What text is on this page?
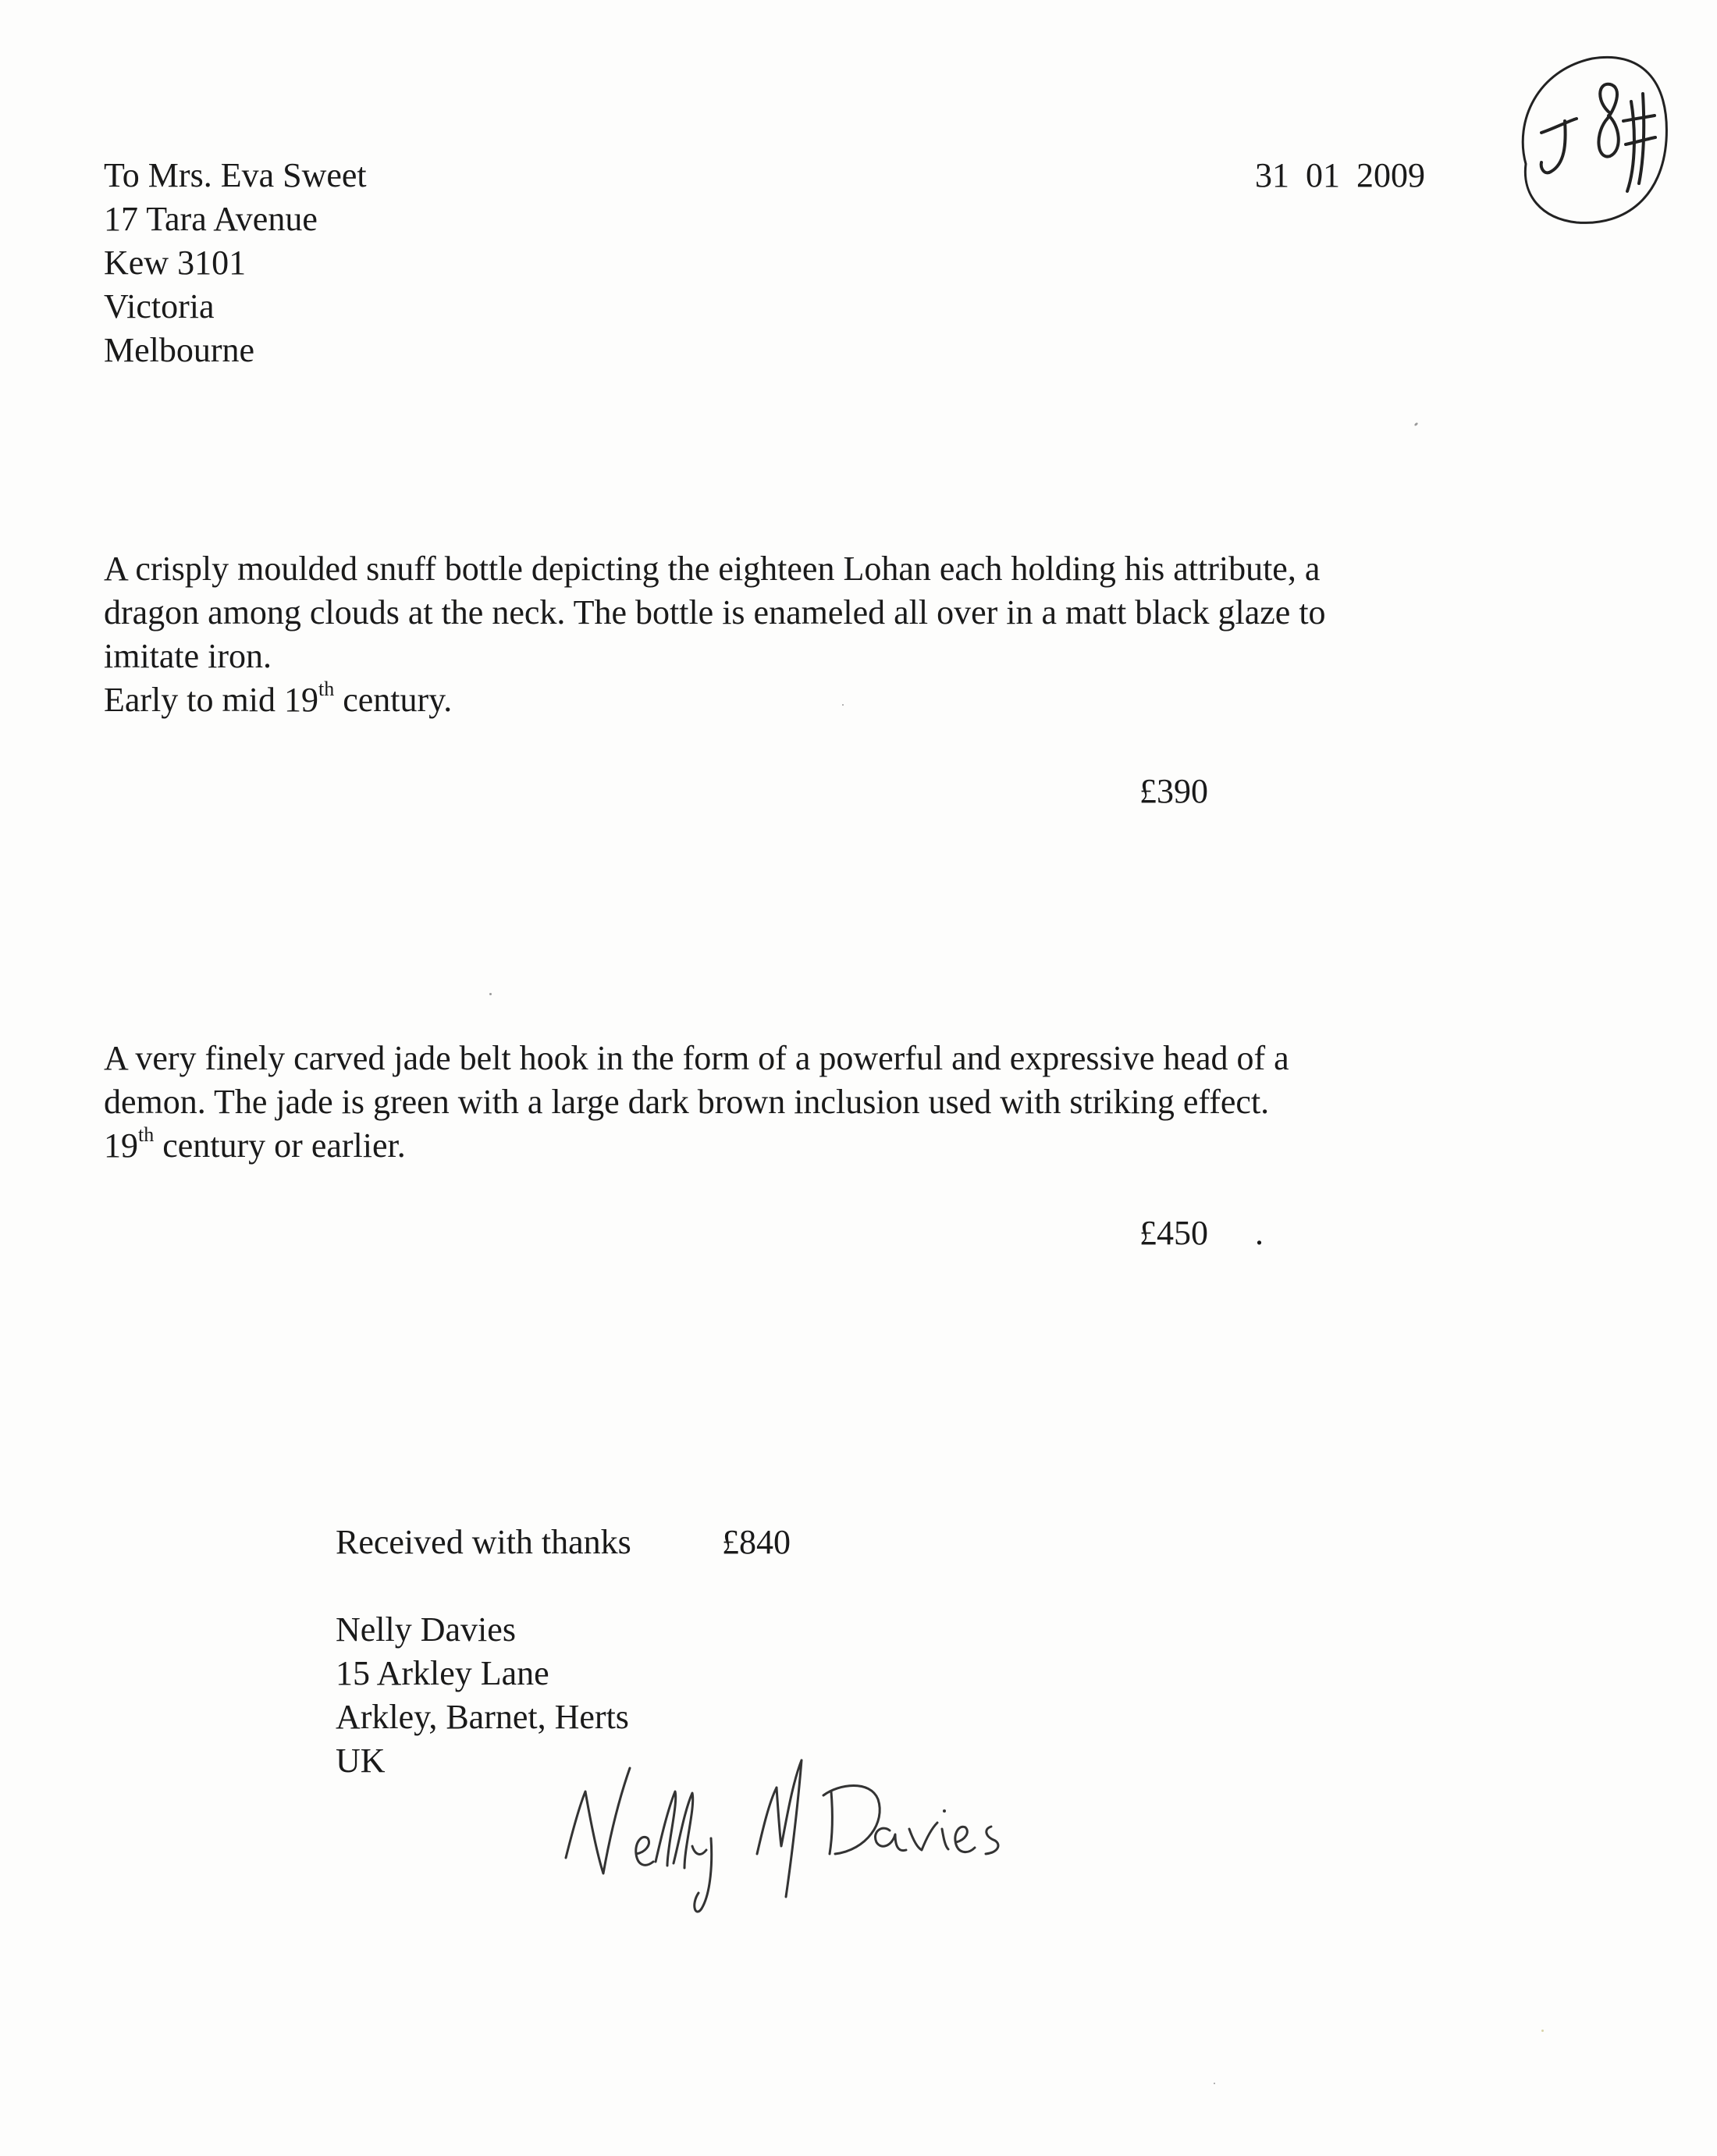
To Mrs. Eva Sweet
17 Tara Avenue
Kew 3101
Victoria
Melbourne
31 01 2009
A crisply moulded snuff bottle depicting the eighteen Lohan each holding his attribute, a
dragon among clouds at the neck. The bottle is enameled all over in a matt black glaze to
imitate iron.
Early to mid 19th century.
£390
A very finely carved jade belt hook in the form of a powerful and expressive head of a
demon. The jade is green with a large dark brown inclusion used with striking effect.
19th century or earlier.
£450 .
Received with thanks	£840
Nelly Davies
15 Arkley Lane
Arkley, Barnet, Herts
UK
